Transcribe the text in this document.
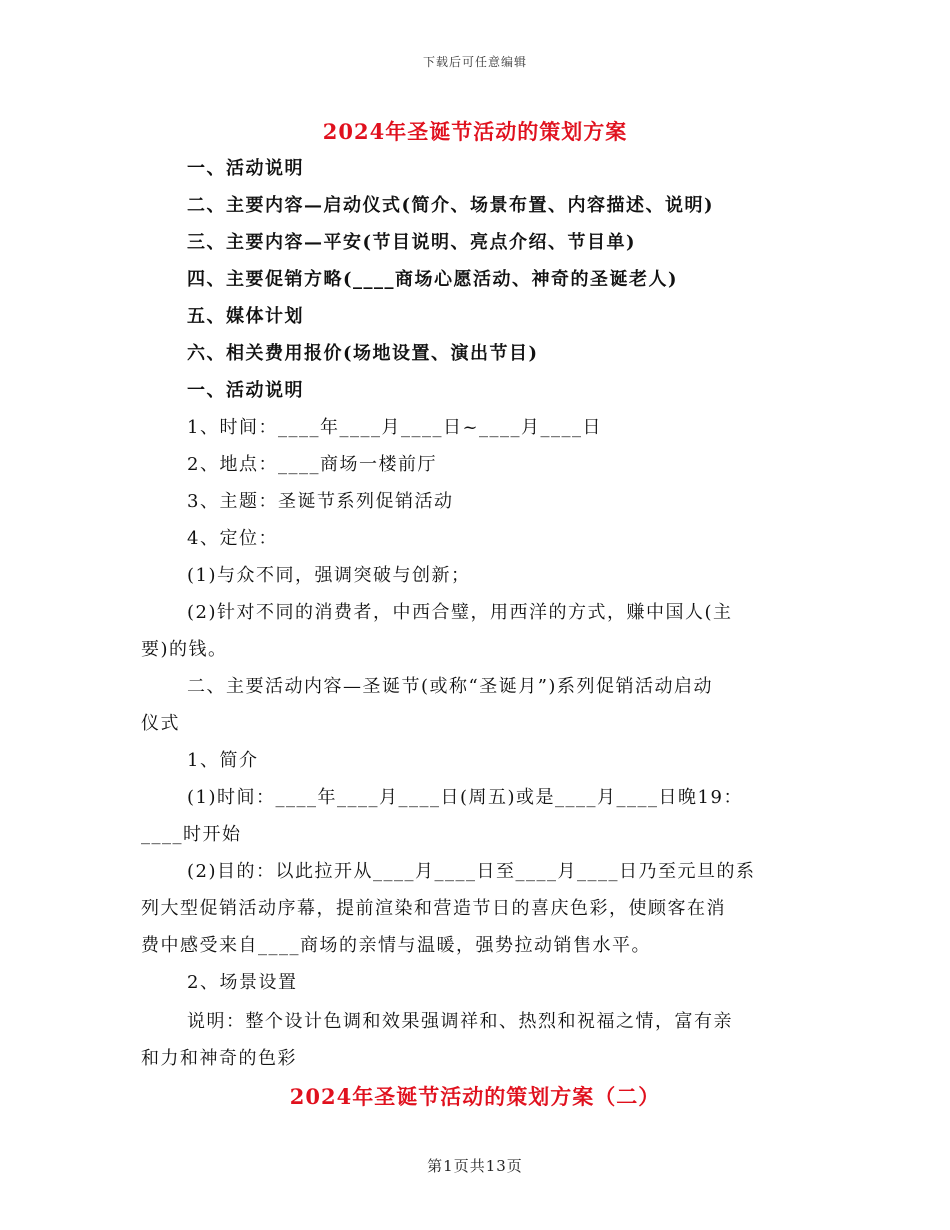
下载后可任意编辑
2024年圣诞节活动的策划方案
一、活动说明
二、主要内容—启动仪式(简介、场景布置、内容描述、说明)
三、主要内容—平安(节目说明、亮点介绍、节目单)
四、主要促销方略(____商场心愿活动、神奇的圣诞老人)
五、媒体计划
六、相关费用报价(场地设置、演出节目)
一、活动说明
1、时间：____年____月____日~____月____日
2、地点：____商场一楼前厅
3、主题：圣诞节系列促销活动
4、定位：
(1)与众不同，强调突破与创新；
(2)针对不同的消费者，中西合璧，用西洋的方式，赚中国人(主
要)的钱。
二、主要活动内容—圣诞节(或称“圣诞月”)系列促销活动启动
仪式
1、简介
(1)时间：____年____月____日(周五)或是____月____日晚19：
____时开始
(2)目的：以此拉开从____月____日至____月____日乃至元旦的系
列大型促销活动序幕，提前渲染和营造节日的喜庆色彩，使顾客在消
费中感受来自____商场的亲情与温暖，强势拉动销售水平。
2、场景设置
说明：整个设计色调和效果强调祥和、热烈和祝福之情，富有亲
和力和神奇的色彩
2024年圣诞节活动的策划方案（二）
第1页共13页
